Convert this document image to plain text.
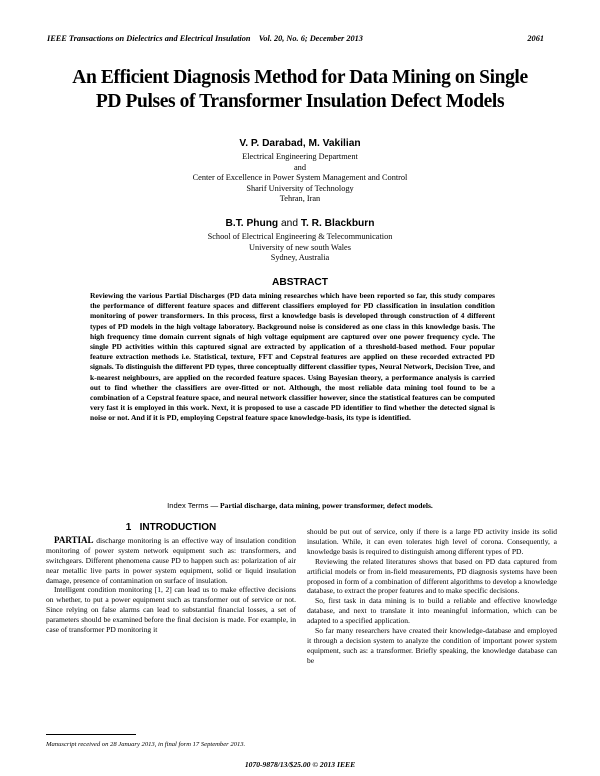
IEEE Transactions on Dielectrics and Electrical Insulation    Vol. 20, No. 6; December 2013	2061
An Efficient Diagnosis Method for Data Mining on Single
PD Pulses of Transformer Insulation Defect Models
V. P. Darabad, M. Vakilian
Electrical Engineering Department
and
Center of Excellence in Power System Management and Control
Sharif University of Technology
Tehran, Iran
B.T. Phung and T. R. Blackburn
School of Electrical Engineering & Telecommunication
University of new south Wales
Sydney, Australia
ABSTRACT
Reviewing the various Partial Discharges (PD data mining researches which have been reported so far, this study compares the performance of different feature spaces and different classifiers employed for PD classification in insulation condition monitoring of power transformers. In this process, first a knowledge basis is developed through construction of 4 different types of PD models in the high voltage laboratory. Background noise is considered as one class in this knowledge basis. The high frequency time domain current signals of high voltage equipment are captured over one power frequency cycle. The single PD activities within this captured signal are extracted by application of a threshold-based method. Four popular feature extraction methods i.e. Statistical, texture, FFT and Cepstral features are applied on these recorded extracted PD signals. To distinguish the different PD types, three conceptually different classifier types, Neural Network, Decision Tree, and k-nearest neighbours, are applied on the recorded feature spaces. Using Bayesian theory, a performance analysis is carried out to find whether the classifiers are over-fitted or not. Although, the most reliable data mining tool found to be a combination of a Cepstral feature space, and neural network classifier however, since the statistical features can be computed very fast it is employed in this work. Next, it is proposed to use a cascade PD identifier to find whether the detected signal is noise or not. And if it is PD, employing Cepstral feature space knowledge-basis, its type is identified.
Index Terms — Partial discharge, data mining, power transformer, defect models.
1   INTRODUCTION

PARTIAL discharge monitoring is an effective way of insulation condition monitoring of power system network equipment such as: transformers, and switchgears. Different phenomena cause PD to happen such as: polarization of air near metallic live parts in power system equipment, solid or liquid insulation damage, presence of contamination on surface of insulation.

Intelligent condition monitoring [1, 2] can lead us to make effective decisions on whether, to put a power equipment such as transformer out of service or not. Since relying on false alarms can lead to substantial financial losses, a set of parameters should be examined before the final decision is made. For example, in case of transformer PD monitoring it

should be put out of service, only if there is a large PD activity inside its solid insulation. While, it can even tolerates high level of corona. Consequently, a knowledge basis is required to distinguish among different types of PD.

Reviewing the related literatures shows that based on PD data captured from artificial models or from in-field measurements, PD diagnosis systems have been proposed in form of a combination of different algorithms to develop a knowledge database, to extract the proper features and to make specific decisions.

So, first task in data mining is to build a reliable and effective knowledge database, and next to translate it into meaningful information, which can be adapted to a specified application.

So far many researchers have created their knowledge-database and employed it through a decision system to analyze the condition of important power system equipment, such as: a transformer. Briefly speaking, the knowledge database can be

Manuscript received on 28 January 2013, in final form 17 September 2013.
1070-9878/13/$25.00 © 2013 IEEE
